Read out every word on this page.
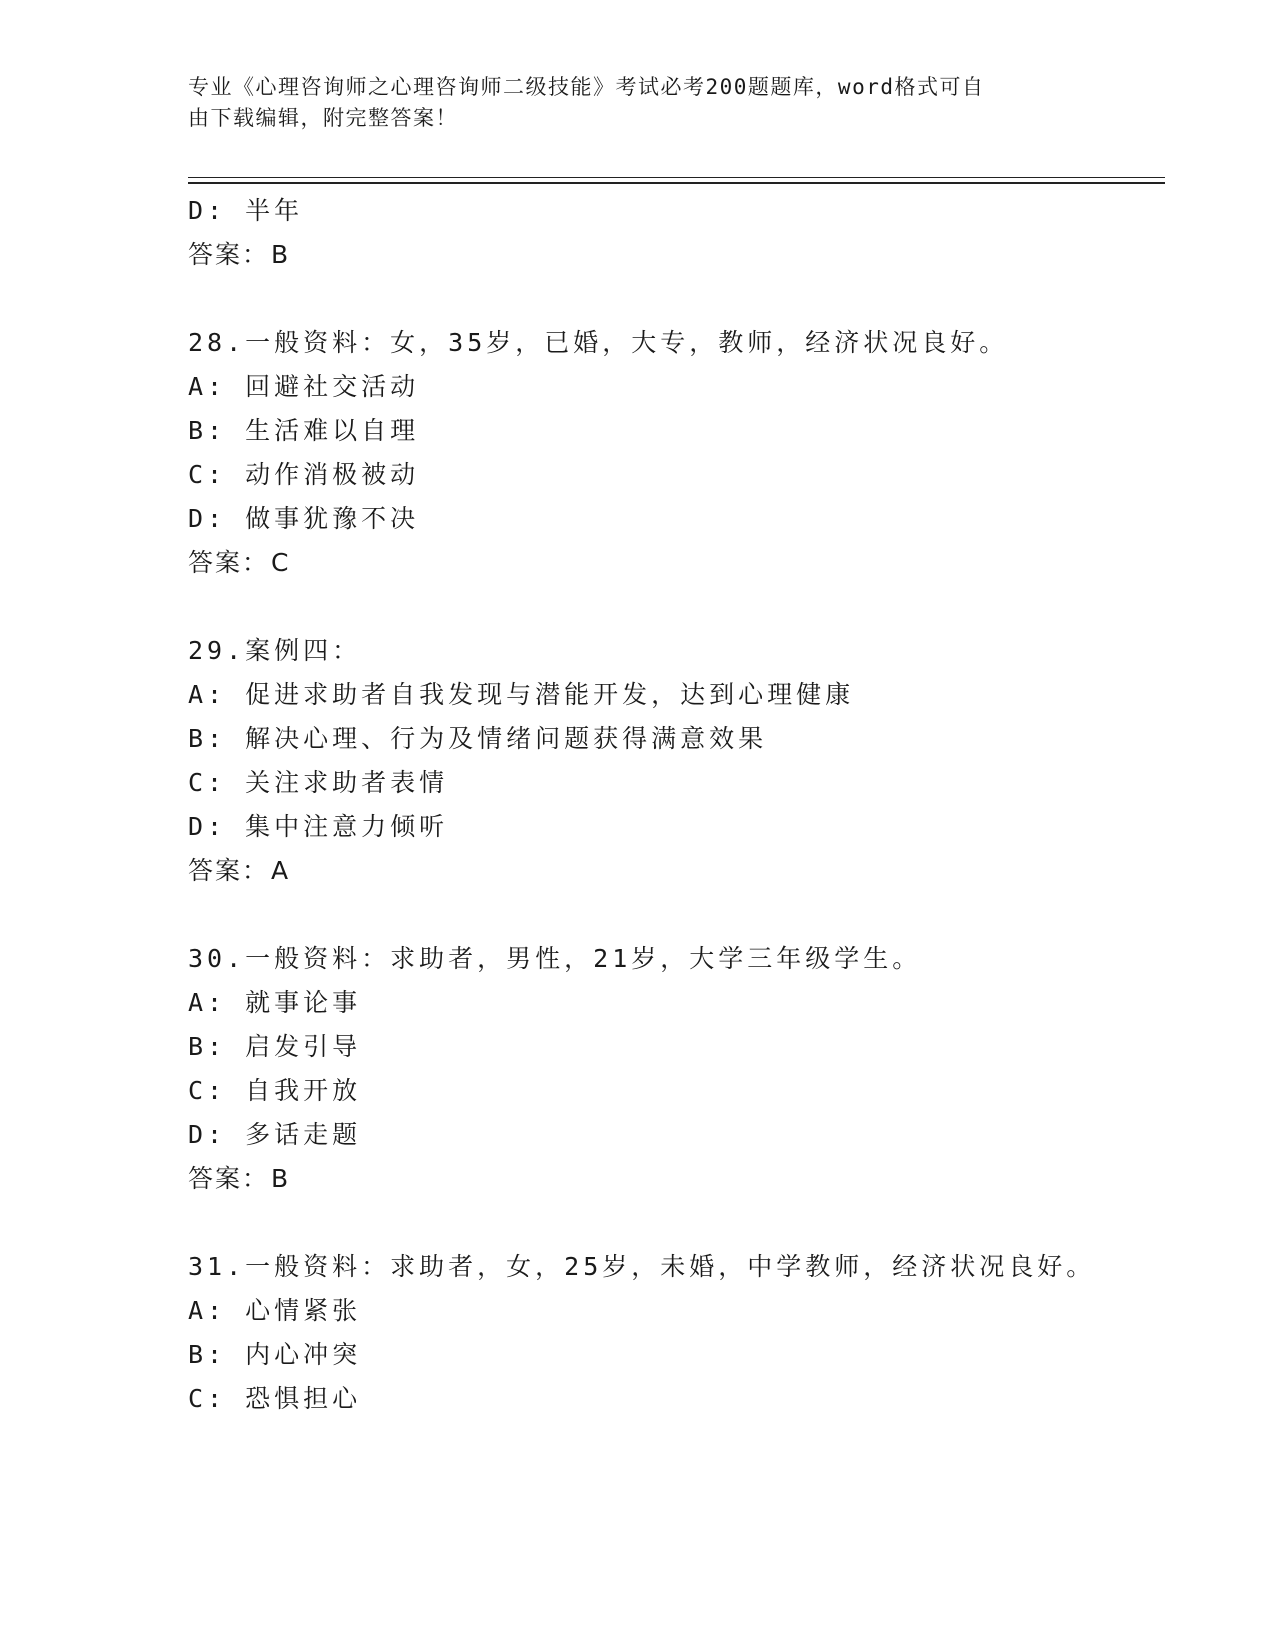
专业《心理咨询师之心理咨询师二级技能》考试必考200题题库，word格式可自
由下载编辑，附完整答案！
D: 半年
答案：B
28.一般资料：女，35岁，已婚，大专，教师，经济状况良好。
A: 回避社交活动
B: 生活难以自理
C: 动作消极被动
D: 做事犹豫不决
答案：C
29.案例四：
A: 促进求助者自我发现与潜能开发，达到心理健康
B: 解决心理、行为及情绪问题获得满意效果
C: 关注求助者表情
D: 集中注意力倾听
答案：A
30.一般资料：求助者，男性，21岁，大学三年级学生。
A: 就事论事
B: 启发引导
C: 自我开放
D: 多话走题
答案：B
31.一般资料：求助者，女，25岁，未婚，中学教师，经济状况良好。
A: 心情紧张
B: 内心冲突
C: 恐惧担心
